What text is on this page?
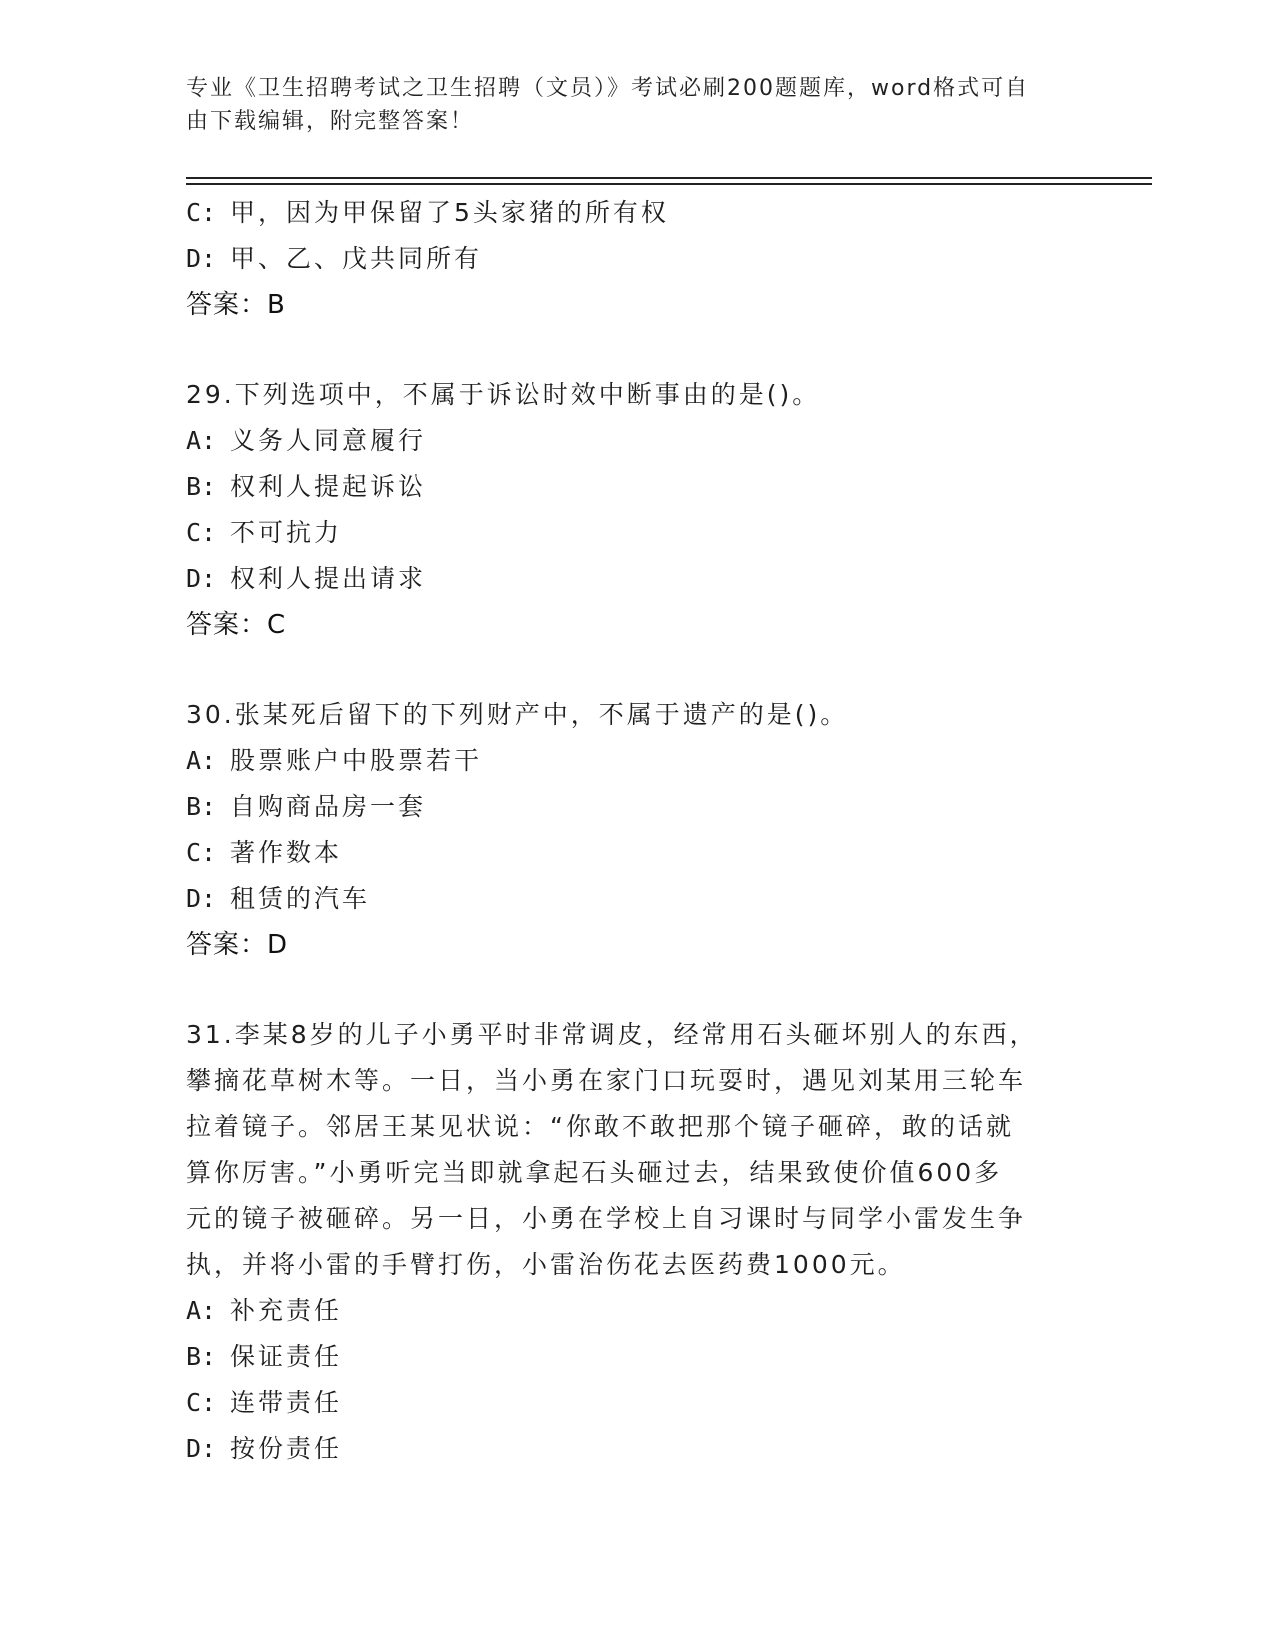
专业《卫生招聘考试之卫生招聘（文员）》考试必刷200题题库，word格式可自
由下载编辑，附完整答案！
C: 甲，因为甲保留了5头家猪的所有权
D: 甲、乙、戊共同所有
答案：B
29.下列选项中，不属于诉讼时效中断事由的是()。
A: 义务人同意履行
B: 权利人提起诉讼
C: 不可抗力
D: 权利人提出请求
答案：C
30.张某死后留下的下列财产中，不属于遗产的是()。
A: 股票账户中股票若干
B: 自购商品房一套
C: 著作数本
D: 租赁的汽车
答案：D
31.李某8岁的儿子小勇平时非常调皮，经常用石头砸坏别人的东西，
攀摘花草树木等。一日，当小勇在家门口玩耍时，遇见刘某用三轮车
拉着镜子。邻居王某见状说：“你敢不敢把那个镜子砸碎，敢的话就
算你厉害。”小勇听完当即就拿起石头砸过去，结果致使价值600多
元的镜子被砸碎。另一日，小勇在学校上自习课时与同学小雷发生争
执，并将小雷的手臂打伤，小雷治伤花去医药费1000元。
A: 补充责任
B: 保证责任
C: 连带责任
D: 按份责任
